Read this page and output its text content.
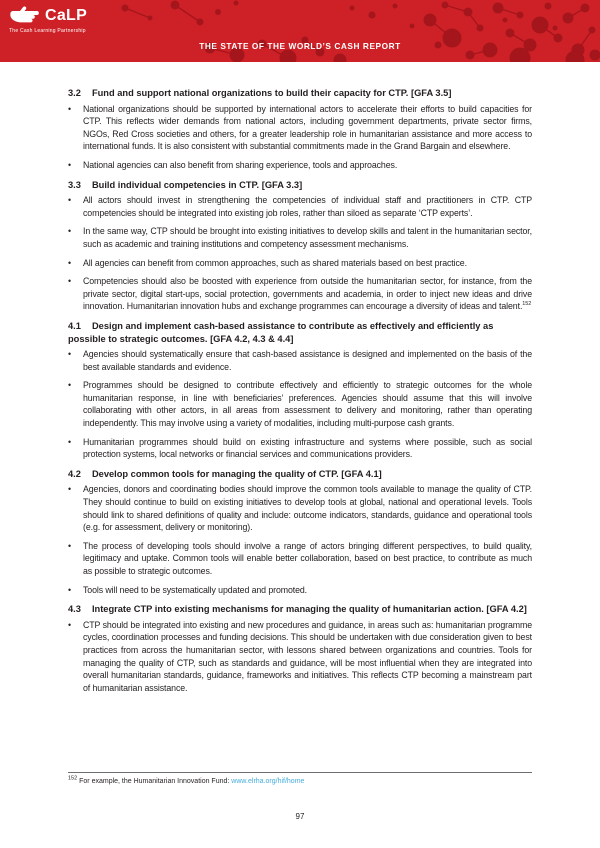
CaLP
The Cash Learning Partnership
THE STATE OF THE WORLD’S CASH REPORT
3.2 Fund and support national organizations to build their capacity for CTP. [GFA 3.5]
•	National organizations should be supported by international actors to accelerate their efforts to build capacities for CTP. This reflects wider demands from national actors, including government departments, private sector firms, NGOs, Red Cross societies and others, for a greater leadership role in humanitarian assistance and more access to international funds. It is also consistent with substantial commitments made in the Grand Bargain and elsewhere.
•	National agencies can also benefit from sharing experience, tools and approaches.
3.3 Build individual competencies in CTP. [GFA 3.3]
•	All actors should invest in strengthening the competencies of individual staff and practitioners in CTP. CTP competencies should be integrated into existing job roles, rather than siloed as separate ‘CTP experts’.
•	In the same way, CTP should be brought into existing initiatives to develop skills and talent in the humanitarian sector, such as academic and training institutions and competency assessment mechanisms.
•	All agencies can benefit from common approaches, such as shared materials based on best practice.
•	Competencies should also be boosted with experience from outside the humanitarian sector, for instance, from the private sector, digital start-ups, social protection, governments and academia, in order to inject new ideas and drive innovation. Humanitarian innovation hubs and exchange programmes can encourage a diversity of ideas and talent.$^{152}$
4.1 Design and implement cash-based assistance to contribute as effectively and efficiently as possible to strategic outcomes. [GFA 4.2, 4.3 & 4.4]
•	Agencies should systematically ensure that cash-based assistance is designed and implemented on the basis of the best available standards and evidence.
•	Programmes should be designed to contribute effectively and efficiently to strategic outcomes for the whole humanitarian response, in line with beneficiaries’ preferences. Agencies should assume that this will involve collaborating with other actors, in all areas from assessment to delivery and monitoring, rather than operating independently. This may involve using a variety of modalities, including multi-purpose cash grants.
•	Humanitarian programmes should build on existing infrastructure and systems where possible, such as social protection systems, local networks or financial services and communications providers.
4.2 Develop common tools for managing the quality of CTP. [GFA 4.1]
•	Agencies, donors and coordinating bodies should improve the common tools available to manage the quality of CTP. They should continue to build on existing initiatives to develop tools at global, national and operational levels. Tools should link to shared definitions of quality and include: outcome indicators, standards, guidance and operational tools (e.g. for assessment, delivery or monitoring).
•	The process of developing tools should involve a range of actors bringing different perspectives, to build quality, legitimacy and uptake. Common tools will enable better collaboration, based on best practice, to contribute as much as possible to strategic outcomes.
•	Tools will need to be systematically updated and promoted.
4.3 Integrate CTP into existing mechanisms for managing the quality of humanitarian action. [GFA 4.2]
•	CTP should be integrated into existing and new procedures and guidance, in areas such as: humanitarian programme cycles, coordination processes and funding decisions. This should be undertaken with due consideration given to best practices from across the humanitarian sector, with lessons shared between organizations and countries. Tools for managing the quality of CTP, such as standards and guidance, will be most influential when they are integrated into overall humanitarian standards, guidance, frameworks and initiatives. This reflects CTP becoming a mainstream part of humanitarian assistance.
$^{152}$ For example, the Humanitarian Innovation Fund: www.elrha.org/hif/home
97
